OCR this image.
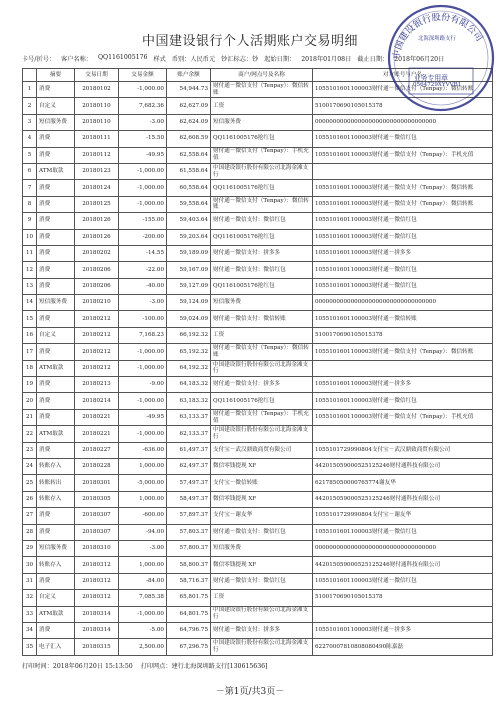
中国建设银行个人活期账户交易明细
卡号/折号： 客户名称： QQ1161005176 样式 币别：人民币元 钞汇标志：钞 起始日期： 2018年01月08日 截止日期： 2018年06月20日
	摘要	交易日期	交易金额	账户余额	商户/网点号及名称	对方账号与户名
1	消费	20180102	-1,000.00	54,944.73	财付通－微信支付（Tenpay）：微信转账	1055101601100003财付通－微信支付（Tenpay）：微信转账
2	自定义	20180110	7,682.36	62,627.09	工资	5100170690105015378
3	短信服务费	20180110	-3.00	62,624.09	短信服务费	0000000000000000000000000000000000
4	消费	20180111	-15.50	62,608.59	QQ1161005176抢红包	1055101601100003财付通－微信红包
5	消费	20180112	-49.95	62,558.64	财付通－微信支付（Tenpay）：手机充值	1055101601100003财付通－微信支付（Tenpay）：手机充值
6	ATM取款	20180123	-1,000.00	61,558.64	中国建设银行股份有限公司北海金滩支行	
7	消费	20180124	-1,000.00	60,558.64	QQ1161005176抢红包	1055101601100003财付通－微信支付（Tenpay）：微信转账
8	消费	20180125	-1,000.00	59,558.64	财付通－微信支付（Tenpay）：微信转账	1055101601100003财付通－微信支付（Tenpay）：微信转账
9	消费	20180126	-155.00	59,403.64	财付通－微信支付：微信红包	1055101601100003财付通－微信红包
10	消费	20180126	-200.00	59,203.64	QQ1161005176抢红包	1055101601100003财付通－微信红包
11	消费	20180202	-14.55	59,189.09	财付通－微信支付：拼多多	1055101601100003财付通－拼多多
12	消费	20180206	-22.00	59,167.09	财付通－微信支付：微信红包	1055101601100003财付通－微信红包
13	消费	20180206	-40.00	59,127.09	QQ1161005176抢红包	1055101601100003财付通－微信红包
14	短信服务费	20180210	-3.00	59,124.09	短信服务费	0000000000000000000000000000000000
15	消费	20180212	-100.00	59,024.09	财付通－微信支付：微信转账	1055101601100003财付通－微信转账
16	自定义	20180212	7,168.23	66,192.32	工资	5100170690105015378
17	消费	20180212	-1,000.00	65,192.32	财付通－微信支付（Tenpay）：微信转账	1055101601100003财付通－微信支付（Tenpay）：微信转账
18	ATM取款	20180212	-1,000.00	64,192.32	中国建设银行股份有限公司北海金滩支行	
19	消费	20180213	-9.00	64,183.32	财付通－微信支付：拼多多	1055101601100003财付通－拼多多
20	消费	20180214	-1,000.00	63,183.32	QQ1161005176抢红包	1055101601100003财付通－微信红包
21	消费	20180221	-49.95	63,133.37	财付通－微信支付（Tenpay）：手机充值	1055101601100003财付通－微信支付（Tenpay）：手机充值
22	ATM取款	20180221	-1,000.00	62,133.37	中国建设银行股份有限公司北海金滩支行	
23	消费	20180227	-636.00	61,497.37	支付宝－武汉鼎致商贸有限公司	1055101729990804支付宝－武汉鼎致商贸有限公司
24	转账存入	20180228	1,000.00	62,497.37	微信零钱提现 XF	442015059000525125246财付通科技有限公司
25	转账转出	20180301	-5,000.00	57,497.37	支付宝－微信转账	621785050000765774谢友华
26	转账存入	20180305	1,000.00	58,497.37	微信零钱提现 XF	442015059000525125246财付通科技有限公司
27	消费	20180307	-600.00	57,897.37	支付宝－谢友华	1055101729990804支付宝－谢友华
28	消费	20180307	-94.00	57,803.37	财付通－微信支付：微信红包	1055101601100003财付通－微信红包
29	短信服务费	20180310	-3.00	57,800.37	短信服务费	0000000000000000000000000000000000
30	转账存入	20180312	1,000.00	58,800.37	微信零钱提现 XF	442015059000525125246财付通科技有限公司
31	消费	20180312	-84.00	58,716.37	财付通－微信支付：微信红包	1055101601100003财付通－微信红包
32	自定义	20180312	7,085.38	65,801.75	工资	5100170690105015378
33	ATM取款	20180314	-1,000.00	64,801.75	中国建设银行股份有限公司北海金滩支行	
34	消费	20180314	-5.00	64,796.75	财付通－微信支付：拼多多	1055101601100003财付通－拼多多
35	电子汇入	20180315	2,500.00	67,296.75	中国建设银行股份有限公司北海金滩支行	62270007810808080490陈嘉磊
打印时间：2018年06月20日 15:13:50 打印网点：建行北海深圳路支行[130615636]
－第1页/共3页－
中国建设银行股份有限公司
北海深圳路支行
业务专用章
0564729XYVVB1
